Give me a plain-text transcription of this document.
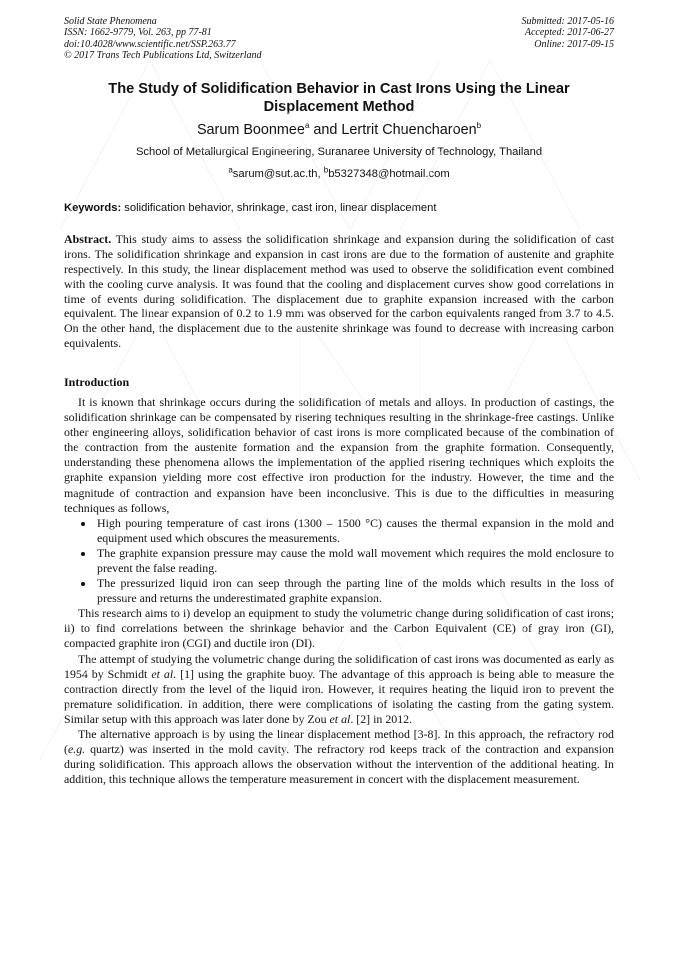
Solid State Phenomena
ISSN: 1662-9779, Vol. 263, pp 77-81
doi:10.4028/www.scientific.net/SSP.263.77
© 2017 Trans Tech Publications Ltd, Switzerland
Submitted: 2017-05-16
Accepted: 2017-06-27
Online: 2017-09-15
The Study of Solidification Behavior in Cast Irons Using the Linear Displacement Method
Sarum Boonmee$^a$ and Lertrit Chuencharoen$^b$
School of Metallurgical Engineering, Suranaree University of Technology, Thailand
$^a$sarum@sut.ac.th, $^b$b5327348@hotmail.com
Keywords: solidification behavior, shrinkage, cast iron, linear displacement
Abstract. This study aims to assess the solidification shrinkage and expansion during the solidification of cast irons. The solidification shrinkage and expansion in cast irons are due to the formation of austenite and graphite respectively. In this study, the linear displacement method was used to observe the solidification event combined with the cooling curve analysis. It was found that the cooling and displacement curves show good correlations in time of events during solidification. The displacement due to graphite expansion increased with the carbon equivalent. The linear expansion of 0.2 to 1.9 mm was observed for the carbon equivalents ranged from 3.7 to 4.5. On the other hand, the displacement due to the austenite shrinkage was found to decrease with increasing carbon equivalents.
Introduction

It is known that shrinkage occurs during the solidification of metals and alloys. In production of castings, the solidification shrinkage can be compensated by risering techniques resulting in the shrinkage-free castings. Unlike other engineering alloys, solidification behavior of cast irons is more complicated because of the combination of the contraction from the austenite formation and the expansion from the graphite formation. Consequently, understanding these phenomena allows the implementation of the applied risering techniques which exploits the graphite expansion yielding more cost effective iron production for the industry. However, the time and the magnitude of contraction and expansion have been inconclusive. This is due to the difficulties in measuring techniques as follows,

• High pouring temperature of cast irons (1300 – 1500 °C) causes the thermal expansion in the mold and equipment used which obscures the measurements.
• The graphite expansion pressure may cause the mold wall movement which requires the mold enclosure to prevent the false reading.
• The pressurized liquid iron can seep through the parting line of the molds which results in the loss of pressure and returns the underestimated graphite expansion.

This research aims to i) develop an equipment to study the volumetric change during solidification of cast irons; ii) to find correlations between the shrinkage behavior and the Carbon Equivalent (CE) of gray iron (GI), compacted graphite iron (CGI) and ductile iron (DI).

The attempt of studying the volumetric change during the solidification of cast irons was documented as early as 1954 by Schmidt et al. [1] using the graphite buoy. The advantage of this approach is being able to measure the contraction directly from the level of the liquid iron. However, it requires heating the liquid iron to prevent the premature solidification. In addition, there were complications of isolating the casting from the gating system. Similar setup with this approach was later done by Zou et al. [2] in 2012.

The alternative approach is by using the linear displacement method [3-8]. In this approach, the refractory rod (e.g. quartz) was inserted in the mold cavity. The refractory rod keeps track of the contraction and expansion during solidification. This approach allows the observation without the intervention of the additional heating. In addition, this technique allows the temperature measurement in concert with the displacement measurement.
